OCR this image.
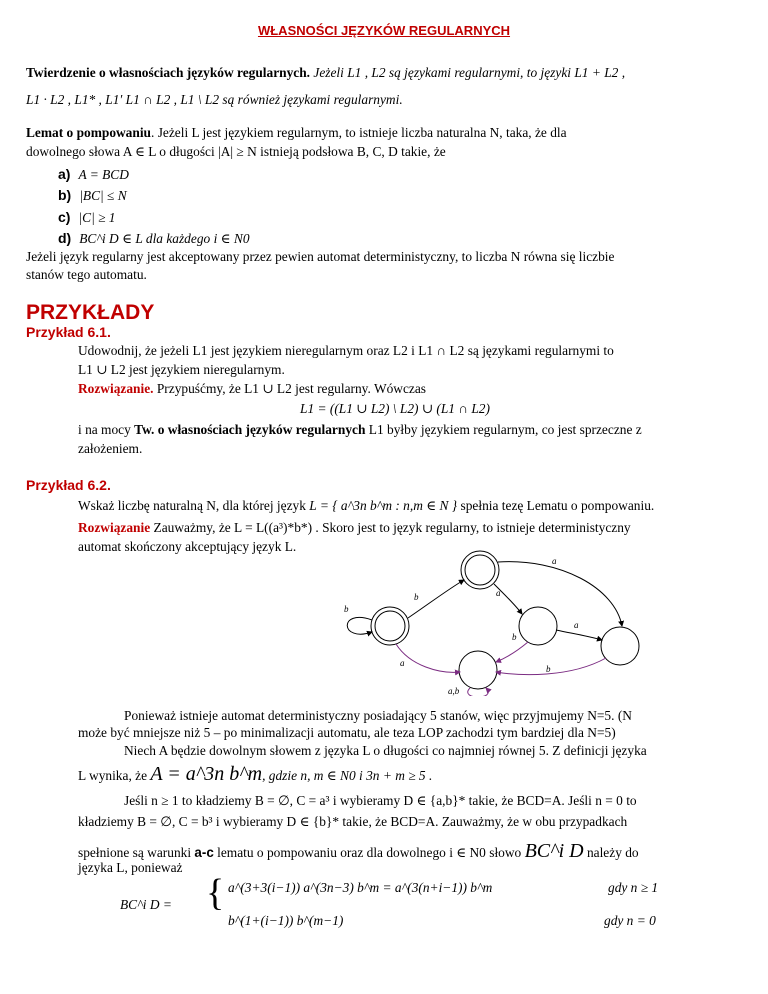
WŁASNOŚCI JĘZYKÓW REGULARNYCH
Twierdzenie o własnościach języków regularnych. Jeżeli L1 , L2 są językami regularnymi, to języki L1 + L2 ,
L1 · L2 , L1* , L1′ L1 ∩ L2 , L1 \ L2 są również językami regularnymi.
Lemat o pompowaniu. Jeżeli L jest językiem regularnym, to istnieje liczba naturalna N, taka, że dla
dowolnego słowa A ∈ L o długości |A| ≥ N istnieją podsłowa B, C, D takie, że
a) A = BCD
b) |BC| ≤ N
c) |C| ≥ 1
d) BC^i D ∈ L dla każdego i ∈ N0
Jeżeli język regularny jest akceptowany przez pewien automat deterministyczny, to liczba N równa się liczbie
stanów tego automatu.
PRZYKŁADY
Przykład 6.1.
Udowodnij, że jeżeli L1 jest językiem nieregularnym oraz L2 i L1 ∩ L2 są językami regularnymi to
L1 ∪ L2 jest językiem nieregularnym.
Rozwiązanie. Przypuśćmy, że L1 ∪ L2 jest regularny. Wówczas
L1 = ((L1 ∪ L2) \ L2) ∪ (L1 ∩ L2)
i na mocy Tw. o własnościach języków regularnych L1 byłby językiem regularnym, co jest sprzeczne z
założeniem.
Przykład 6.2.
Wskaż liczbę naturalną N, dla której język L = { a^3n b^m : n,m ∈ N } spełnia tezę Lematu o pompowaniu.
Rozwiązanie Zauważmy, że L = L((a³)*b*) . Skoro jest to język regularny, to istnieje deterministyczny
automat skończony akceptujący język L.
a
b
b
a
a
b
a
b
a,b
Ponieważ istnieje automat deterministyczny posiadający 5 stanów, więc przyjmujemy N=5. (N
może być mniejsze niż 5 – po minimalizacji automatu, ale teza LOP zachodzi tym bardziej dla N=5)
Niech A będzie dowolnym słowem z języka L o długości co najmniej równej 5. Z definicji języka
L wynika, że A = a^3n b^m, gdzie n, m ∈ N0 i 3n + m ≥ 5 .
Jeśli n ≥ 1 to kładziemy B = ∅, C = a³ i wybieramy D ∈ {a,b}* takie, że BCD=A. Jeśli n = 0 to
kładziemy B = ∅, C = b³ i wybieramy D ∈ {b}* takie, że BCD=A. Zauważmy, że w obu przypadkach
spełnione są warunki a-c lematu o pompowaniu oraz dla dowolnego i ∈ N0 słowo BC^i D należy do
języka L, ponieważ
BC^i D = { a^(3+3(i−1)) a^(3n−3) b^m = a^(3(n+i−1)) b^m	gdy n ≥ 1
b^(1+(i−1)) b^(m−1)	gdy n = 0
